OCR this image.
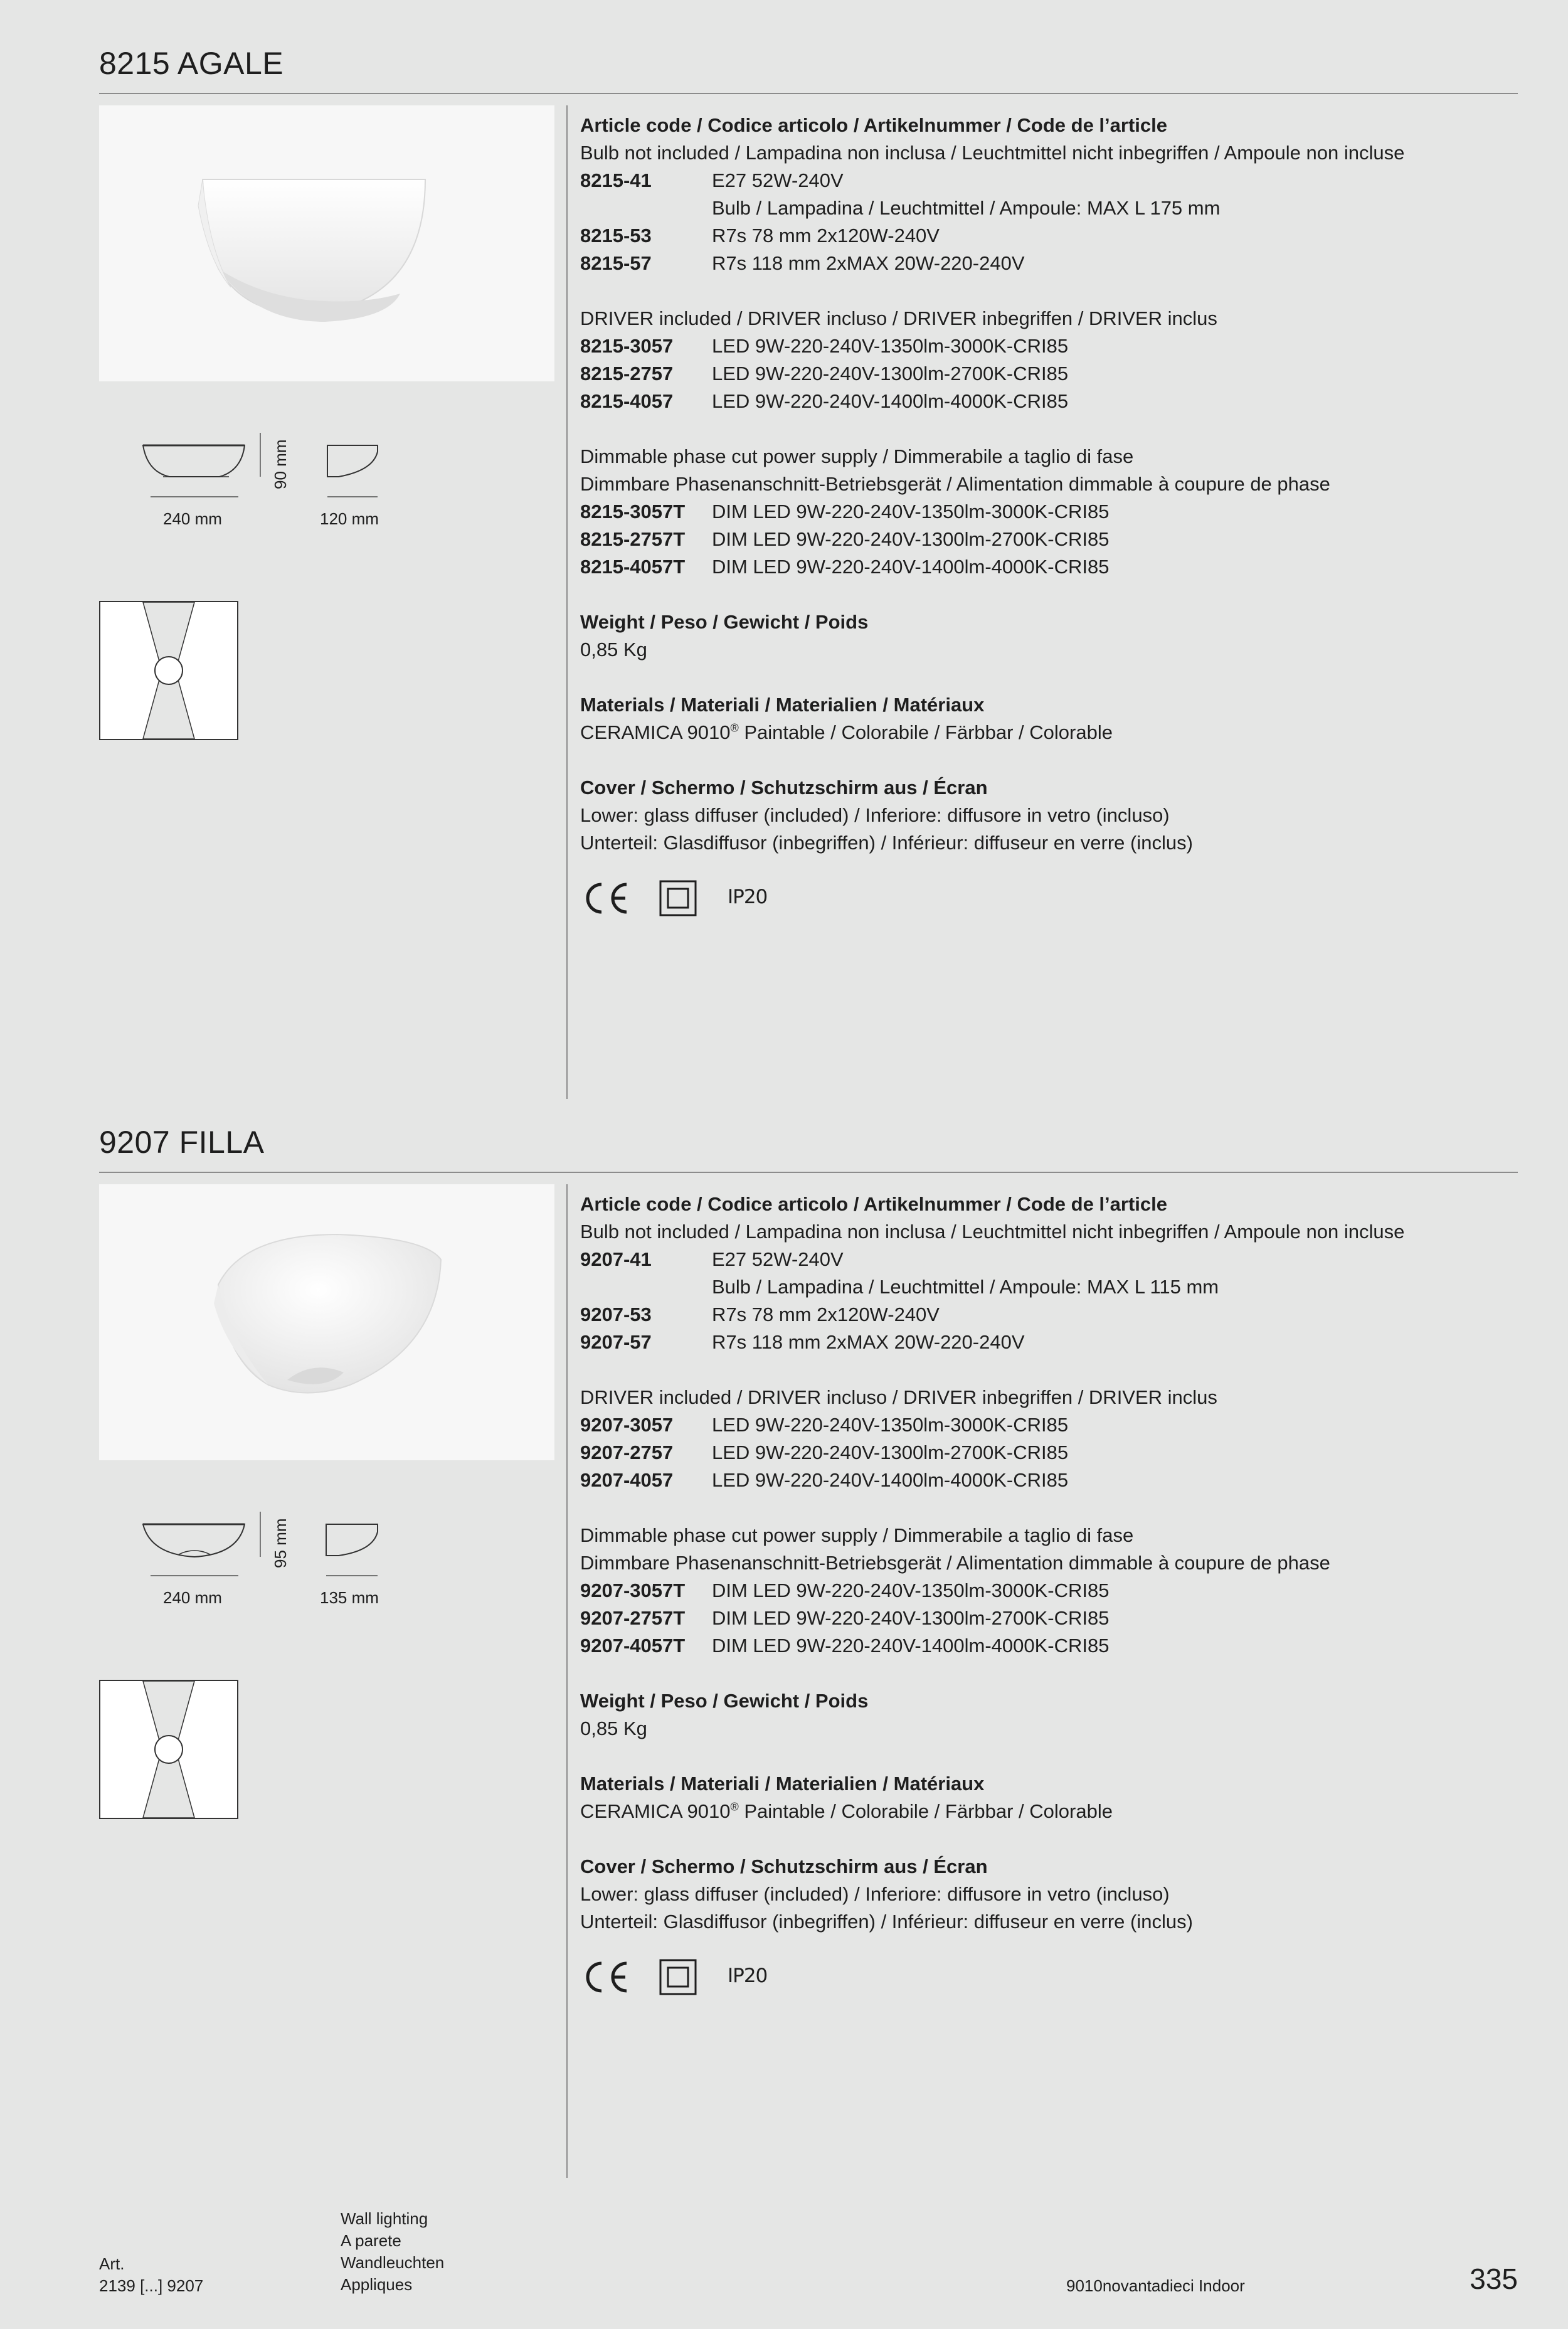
8215 AGALE
240 mm	120 mm
90 mm
Article code / Codice articolo / Artikelnummer / Code de l’article
Bulb not included / Lampadina non inclusa / Leuchtmittel nicht inbegriffen / Ampoule non incluse
8215-41	E27 52W-240V
Bulb / Lampadina / Leuchtmittel / Ampoule: MAX L 175 mm
8215-53	R7s 78 mm 2x120W-240V
8215-57	R7s 118 mm 2xMAX 20W-220-240V
DRIVER included / DRIVER incluso / DRIVER inbegriffen / DRIVER inclus
8215-3057 LED 9W-220-240V-1350lm-3000K-CRI85
8215-2757 LED 9W-220-240V-1300lm-2700K-CRI85
8215-4057 LED 9W-220-240V-1400lm-4000K-CRI85
Dimmable phase cut power supply / Dimmerabile a taglio di fase
Dimmbare Phasenanschnitt-Betriebsgerät / Alimentation dimmable à coupure de phase
8215-3057T DIM LED 9W-220-240V-1350lm-3000K-CRI85
8215-2757T DIM LED 9W-220-240V-1300lm-2700K-CRI85
8215-4057T DIM LED 9W-220-240V-1400lm-4000K-CRI85
Weight / Peso / Gewicht / Poids
0,85 Kg
Materials / Materiali / Materialien / Matériaux
CERAMICA 9010® Paintable / Colorabile / Färbbar / Colorable
Cover / Schermo / Schutzschirm aus / Écran
Lower: glass diffuser (included) / Inferiore: diffusore in vetro (incluso)
Unterteil: Glasdiffusor (inbegriffen) / Inférieur: diffuseur en verre (inclus)
IP20
9207 FILLA
240 mm	135 mm
95 mm
Article code / Codice articolo / Artikelnummer / Code de l’article
Bulb not included / Lampadina non inclusa / Leuchtmittel nicht inbegriffen / Ampoule non incluse
9207-41	E27 52W-240V
Bulb / Lampadina / Leuchtmittel / Ampoule: MAX L 115 mm
9207-53	R7s 78 mm 2x120W-240V
9207-57	R7s 118 mm 2xMAX 20W-220-240V
DRIVER included / DRIVER incluso / DRIVER inbegriffen / DRIVER inclus
9207-3057 LED 9W-220-240V-1350lm-3000K-CRI85
9207-2757 LED 9W-220-240V-1300lm-2700K-CRI85
9207-4057 LED 9W-220-240V-1400lm-4000K-CRI85
Dimmable phase cut power supply / Dimmerabile a taglio di fase
Dimmbare Phasenanschnitt-Betriebsgerät / Alimentation dimmable à coupure de phase
9207-3057T DIM LED 9W-220-240V-1350lm-3000K-CRI85
9207-2757T DIM LED 9W-220-240V-1300lm-2700K-CRI85
9207-4057T DIM LED 9W-220-240V-1400lm-4000K-CRI85
Weight / Peso / Gewicht / Poids
0,85 Kg
Materials / Materiali / Materialien / Matériaux
CERAMICA 9010® Paintable / Colorabile / Färbbar / Colorable
Cover / Schermo / Schutzschirm aus / Écran
Lower: glass diffuser (included) / Inferiore: diffusore in vetro (incluso)
Unterteil: Glasdiffusor (inbegriffen) / Inférieur: diffuseur en verre (inclus)
IP20
Art.
2139 [...] 9207
Wall lighting
A parete
Wandleuchten
Appliques	9010novantadieci Indoor	335
